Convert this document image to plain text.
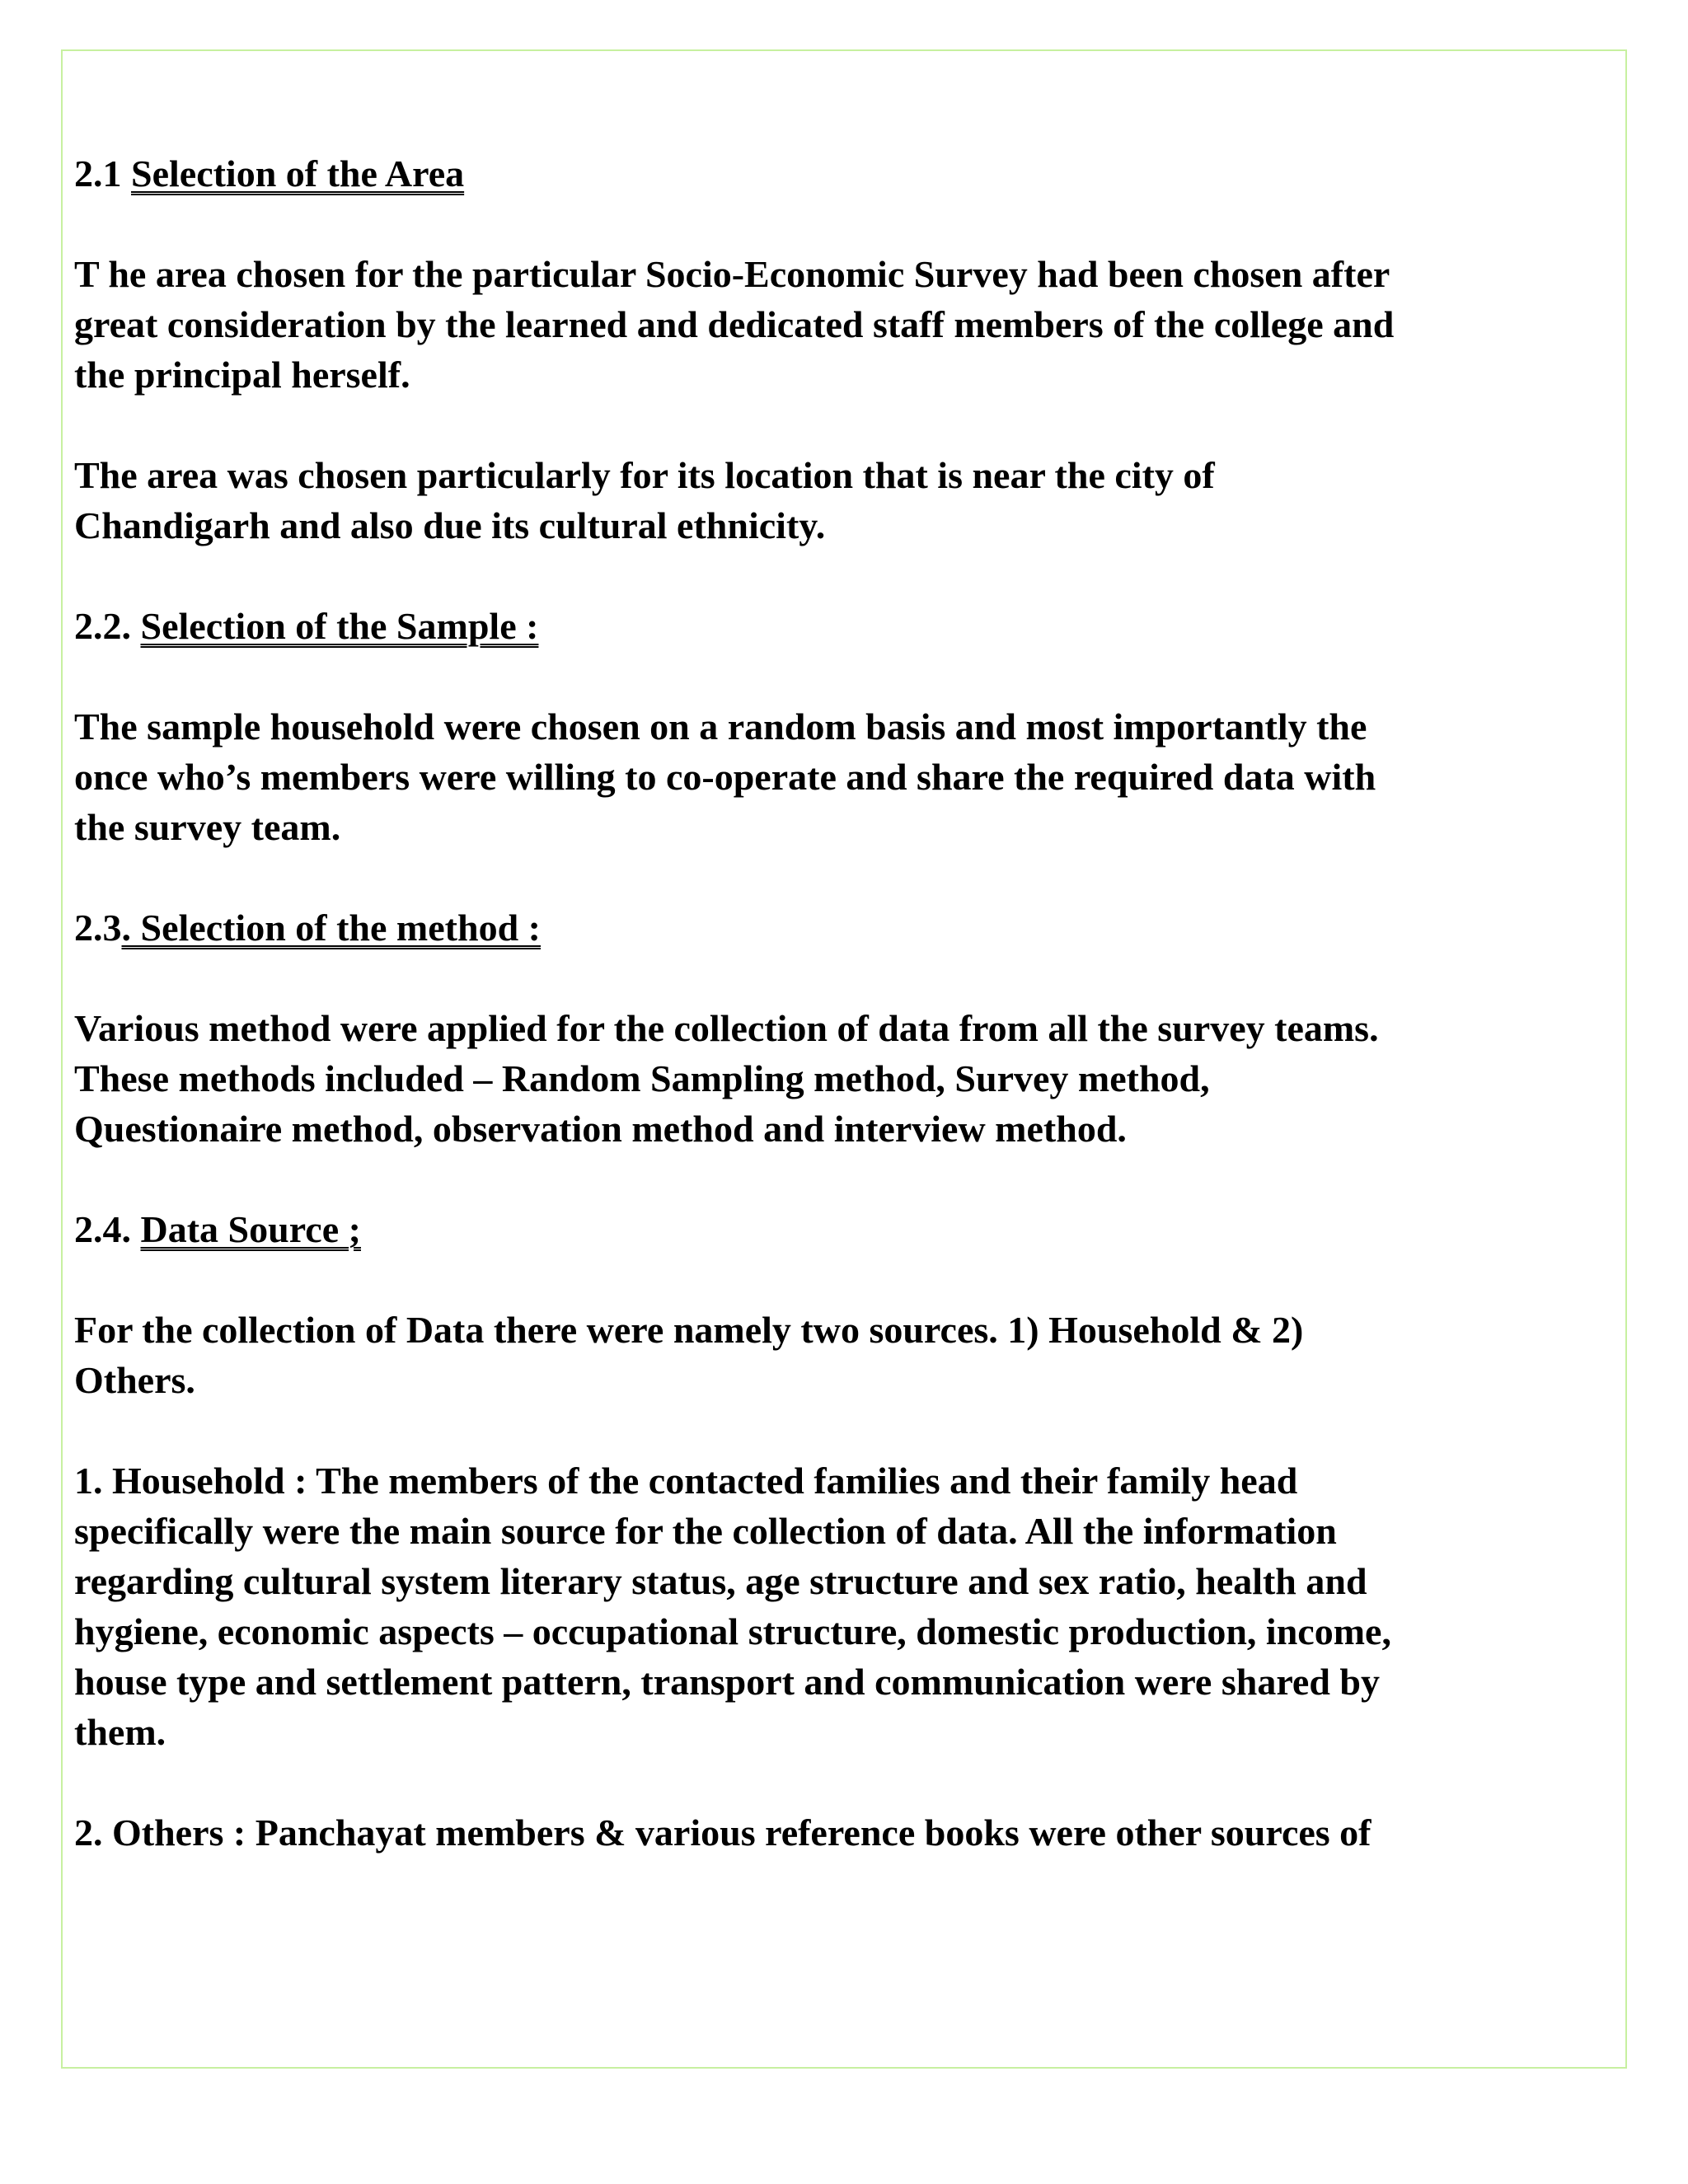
2.1 Selection of the Area

T he area chosen for the particular Socio-Economic Survey had been chosen after
great consideration by the learned and dedicated staff members of the college and
the principal herself.

The area was chosen particularly for its location that is near the city of
Chandigarh and also due its cultural ethnicity.

2.2. Selection of the Sample :

The sample household were chosen on a random basis and most importantly the
once who’s members were willing to co-operate and share the required data with
the survey team.

2.3. Selection of the method :

Various method were applied for the collection of data from all the survey teams.
These methods included – Random Sampling method, Survey method,
Questionaire method, observation method and interview method.

2.4. Data Source ;

For the collection of Data there were namely two sources. 1) Household & 2)
Others.

1. Household : The members of the contacted families and their family head
specifically were the main source for the collection of data. All the information
regarding cultural system literary status, age structure and sex ratio, health and
hygiene, economic aspects – occupational structure, domestic production, income,
house type and settlement pattern, transport and communication were shared by
them.

2. Others : Panchayat members & various reference books were other sources of
